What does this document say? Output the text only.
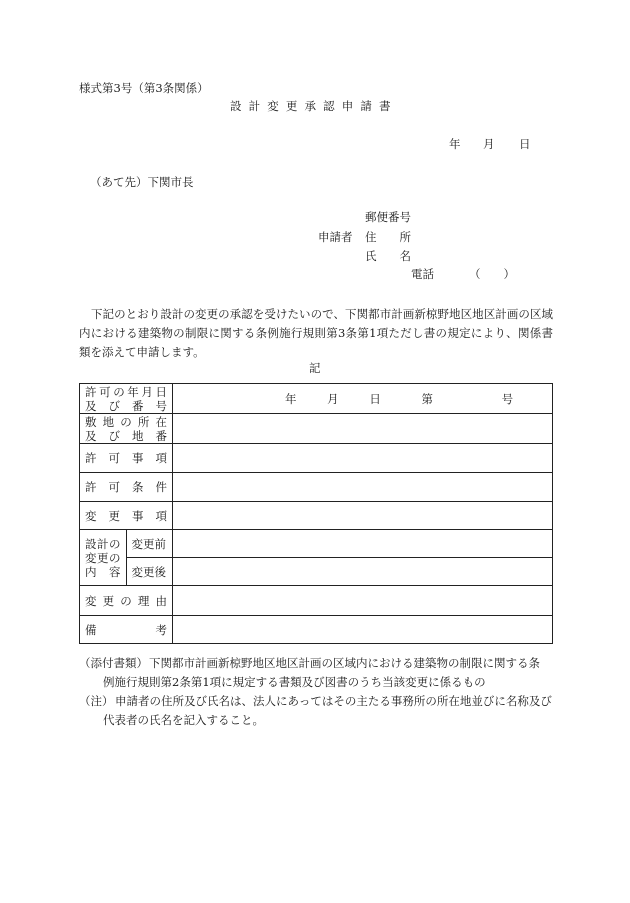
様式第3号（第3条関係）
設計変更承認申請書
年 月 日
（あて先）下関市長
郵便番号
申請者 住　　所
氏　　名
電話	（　　）
下記のとおり設計の変更の承認を受けたいので、下関都市計画新椋野地区地区計画の区域内における建築物の制限に関する条例施行規則第3条第1項ただし書の規定により、関係書類を添えて申請します。
記
許可の年月日
及び番号		年 月 日 第 号

敷地の所在
及び地番		

許可事項		

許可条件		

変更事項		

設計の
変更の
内　容	変更前	
	変更後	

変更の理由		

備考		

（添付書類）下関都市計画新椋野地区地区計画の区域内における建築物の制限に関する条
例施行規則第2条第1項に規定する書類及び図書のうち当該変更に係るもの
（注） 申請者の住所及び氏名は、法人にあってはその主たる事務所の所在地並びに名称及び
代表者の氏名を記入すること。
